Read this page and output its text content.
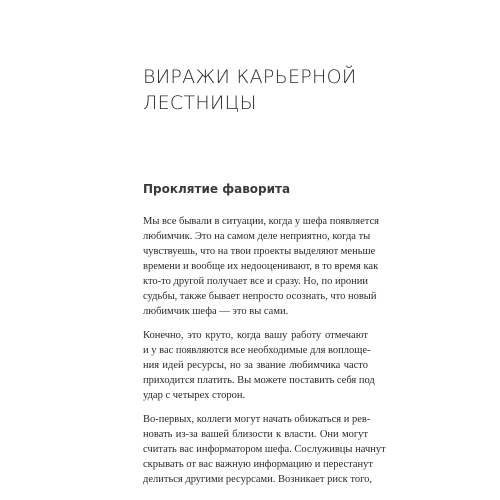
ВИРАЖИ КАРЬЕРНОЙ
ЛЕСТНИЦЫ
Проклятие фаворита

Мы все бывали в ситуации, когда у шефа появляется
любимчик. Это на самом деле неприятно, когда ты
чувствуешь, что на твои проекты выделяют меньше
времени и вообще их недооценивают, в то время как
кто-то другой получает все и сразу. Но, по иронии
судьбы, также бывает непросто осознать, что новый
любимчик шефа — это вы сами.

Конечно, это круто, когда вашу работу отмечают
и у вас появляются все необходимые для воплоще-
ния идей ресурсы, но за звание любимчика часто
приходится платить. Вы можете поставить себя под
удар с четырех сторон.

Во-первых, коллеги могут начать обижаться и рев-
новать из-за вашей близости к власти. Они могут
считать вас информатором шефа. Сослуживцы начнут
скрывать от вас важную информацию и перестанут
делиться другими ресурсами. Возникает риск того,
